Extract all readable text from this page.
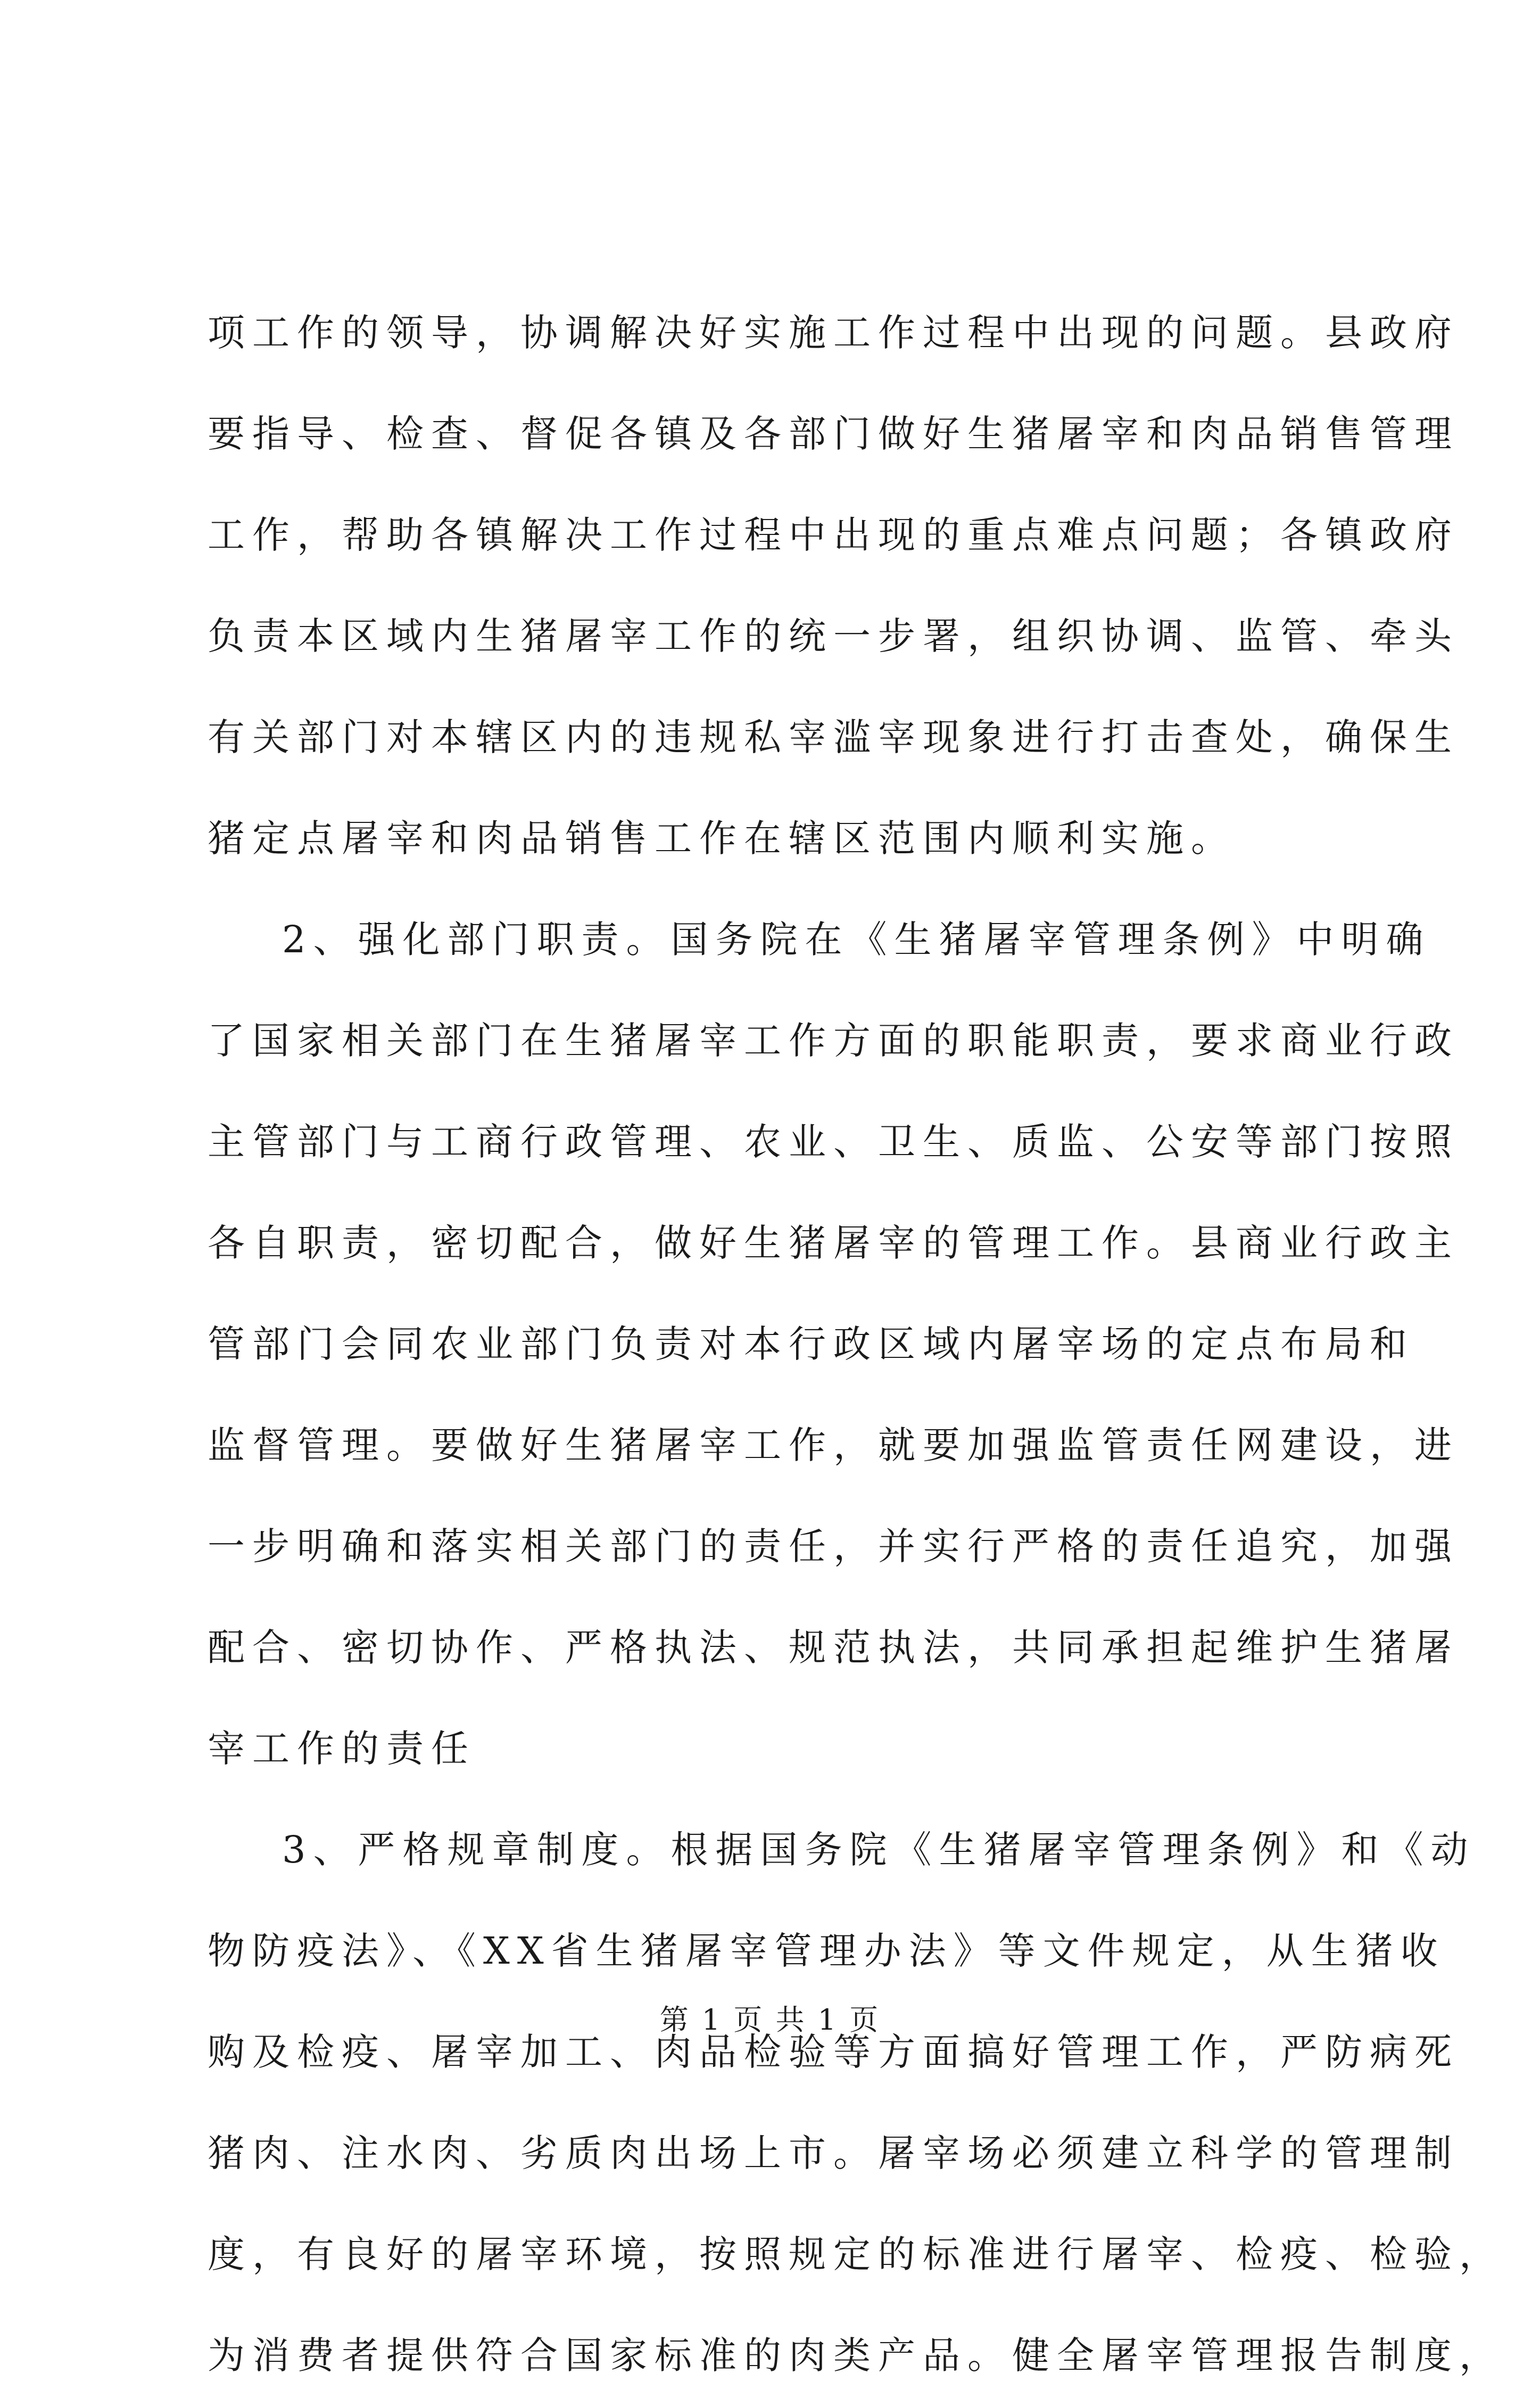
项工作的领导，协调解决好实施工作过程中出现的问题。县政府
要指导、检查、督促各镇及各部门做好生猪屠宰和肉品销售管理
工作，帮助各镇解决工作过程中出现的重点难点问题；各镇政府
负责本区域内生猪屠宰工作的统一步署，组织协调、监管、牵头
有关部门对本辖区内的违规私宰滥宰现象进行打击查处，确保生
猪定点屠宰和肉品销售工作在辖区范围内顺利实施。
2、强化部门职责。国务院在《生猪屠宰管理条例》中明确
了国家相关部门在生猪屠宰工作方面的职能职责，要求商业行政
主管部门与工商行政管理、农业、卫生、质监、公安等部门按照
各自职责，密切配合，做好生猪屠宰的管理工作。县商业行政主
管部门会同农业部门负责对本行政区域内屠宰场的定点布局和
监督管理。要做好生猪屠宰工作，就要加强监管责任网建设，进
一步明确和落实相关部门的责任，并实行严格的责任追究，加强
配合、密切协作、严格执法、规范执法，共同承担起维护生猪屠
宰工作的责任
3、严格规章制度。根据国务院《生猪屠宰管理条例》和《动
物防疫法》、《XX省生猪屠宰管理办法》等文件规定，从生猪收
购及检疫、屠宰加工、肉品检验等方面搞好管理工作，严防病死
猪肉、注水肉、劣质肉出场上市。屠宰场必须建立科学的管理制
度，有良好的屠宰环境，按照规定的标准进行屠宰、检疫、检验，
为消费者提供符合国家标准的肉类产品。健全屠宰管理报告制度，
第 1 页 共 1 页
